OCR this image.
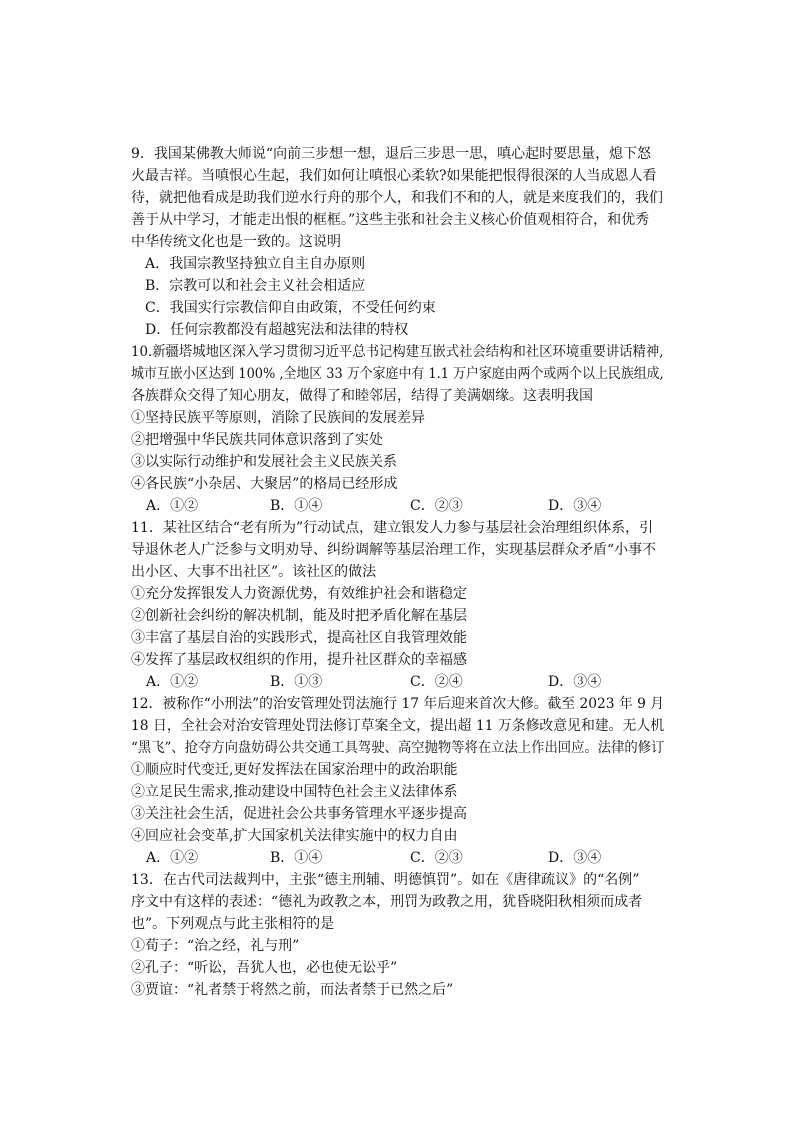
9．我国某佛教大师说“向前三步想一想，退后三步思一思，嗔心起时要思量，熄下怒
火最吉祥。当嗔恨心生起，我们如何让嗔恨心柔软?如果能把恨得很深的人当成恩人看
待，就把他看成是助我们逆水行舟的那个人，和我们不和的人，就是来度我们的，我们
善于从中学习，才能走出恨的框框。”这些主张和社会主义核心价值观相符合，和优秀
中华传统文化也是一致的。这说明
A．我国宗教坚持独立自主自办原则
B．宗教可以和社会主义社会相适应
C．我国实行宗教信仰自由政策，不受任何约束
D．任何宗教都没有超越宪法和法律的特权
10.新疆塔城地区深入学习贯彻习近平总书记构建互嵌式社会结构和社区环境重要讲话精神,
城市互嵌小区达到 100% ,全地区 33 万个家庭中有 1.1 万户家庭由两个或两个以上民族组成,
各族群众交得了知心朋友，做得了和睦邻居，结得了美满姻缘。这表明我国
①坚持民族平等原则，消除了民族间的发展差异
②把增强中华民族共同体意识落到了实处
③以实际行动维护和发展社会主义民族关系
④各民族“小杂居、大聚居”的格局已经形成
A．①②	B．①④	C．②③	D．③④
11．某社区结合“老有所为”行动试点，建立银发人力参与基层社会治理组织体系，引
导退休老人广泛参与文明劝导、纠纷调解等基层治理工作，实现基层群众矛盾“小事不
出小区、大事不出社区”。该社区的做法
①充分发挥银发人力资源优势，有效维护社会和谐稳定
②创新社会纠纷的解决机制，能及时把矛盾化解在基层
③丰富了基层自治的实践形式，提高社区自我管理效能
④发挥了基层政权组织的作用，提升社区群众的幸福感
A．①②	B．①③	C．②④	D．③④
12．被称作“小刑法”的治安管理处罚法施行 17 年后迎来首次大修。截至 2023 年 9 月
18 日，全社会对治安管理处罚法修订草案全文，提出超 11 万条修改意见和建。无人机
“黑飞”、抢夺方向盘妨碍公共交通工具驾驶、高空抛物等将在立法上作出回应。法律的修订
①顺应时代变迁,更好发挥法在国家治理中的政治职能
②立足民生需求,推动建设中国特色社会主义法律体系
③关注社会生活，促进社会公共事务管理水平逐步提高
④回应社会变革,扩大国家机关法律实施中的权力自由
A．①②	B．①④	C．②③	D．③④
13．在古代司法裁判中，主张“德主刑辅、明德慎罚”。如在《唐律疏议》的“名例”
序文中有这样的表述：“德礼为政教之本，刑罚为政教之用，犹昏晓阳秋相须而成者
也”。下列观点与此主张相符的是
①荀子：“治之经，礼与刑”
②孔子：“听讼，吾犹人也，必也使无讼乎”
③贾谊：“礼者禁于将然之前，而法者禁于已然之后”
